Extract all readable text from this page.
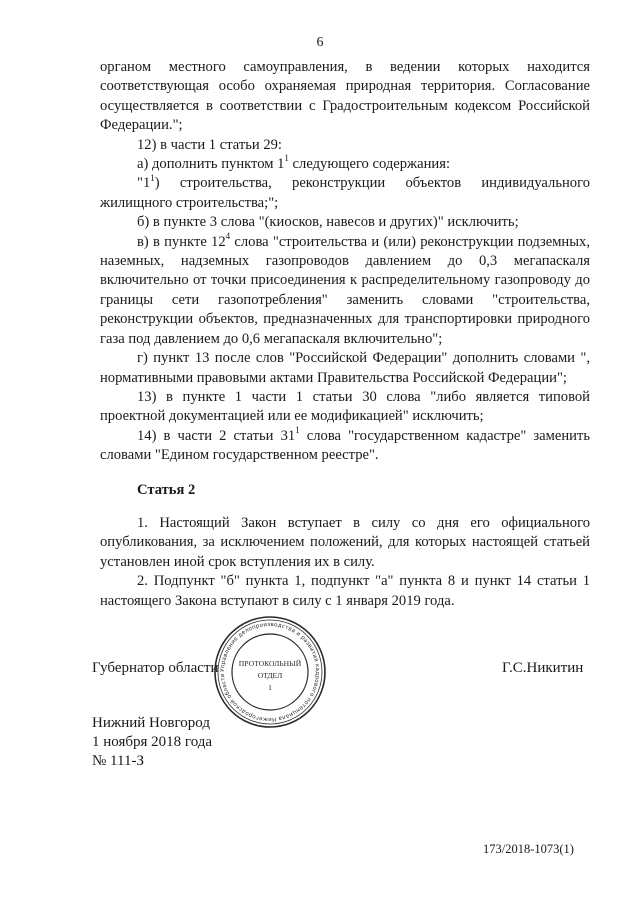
6

органом местного самоуправления, в ведении которых находится соответствующая особо охраняемая природная территория. Согласование осуществляется в соответствии с Градостроительным кодексом Российской Федерации.";

12) в части 1 статьи 29:

а) дополнить пунктом $1^1$ следующего содержания:

"$1^1$) строительства, реконструкции объектов индивидуального жилищного строительства;";

б) в пункте 3 слова "(киосков, навесов и других)" исключить;

в) в пункте $12^4$ слова "строительства и (или) реконструкции подземных, наземных, надземных газопроводов давлением до 0,3 мегапаскаля включительно от точки присоединения к распределительному газопроводу до границы сети газопотребления" заменить словами "строительства, реконструкции объектов, предназначенных для транспортировки природного газа под давлением до 0,6 мегапаскаля включительно";

г) пункт 13 после слов "Российской Федерации" дополнить словами ", нормативными правовыми актами Правительства Российской Федерации";

13) в пункте 1 части 1 статьи 30 слова "либо является типовой проектной документацией или ее модификацией" исключить;

14) в части 2 статьи $31^1$ слова "государственном кадастре" заменить словами "Едином государственном реестре".

Статья 2

1. Настоящий Закон вступает в силу со дня его официального опубликования, за исключением положений, для которых настоящей статьей установлен иной срок вступления их в силу.

2. Подпункт "б" пункта 1, подпункт "а" пункта 8 и пункт 14 статьи 1 настоящего Закона вступают в силу с 1 января 2019 года.

Управление делопроизводства и развития кадрового потенциала Нижегородской области
ПРОТОКОЛЬНЫЙ
ОТДЕЛ
1
Губернатор области	Г.С.Никитин
Нижний Новгород
1 ноября 2018 года
№ 111-З
173/2018-1073(1)
